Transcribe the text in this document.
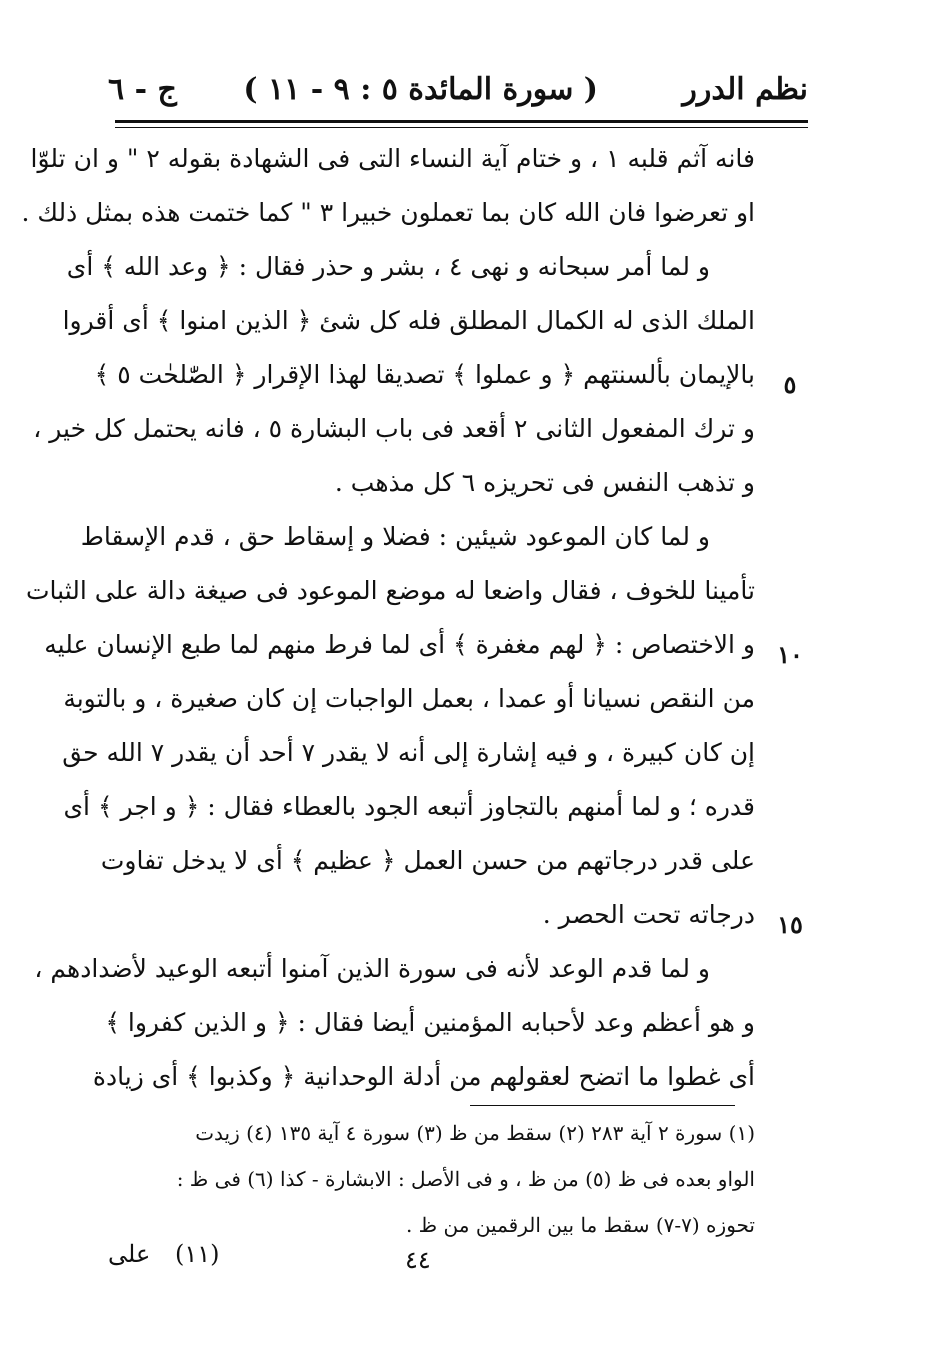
نظم الدرر
( سورة المائدة ٥ : ٩ - ١١ )
ج - ٦
فانه آثم قلبه ١ ، و ختام آية النساء التى فى الشهادة بقوله ٢ " و ان تلوّا
او تعرضوا فان الله كان بما تعملون خبيرا ٣ " كما ختمت هذه بمثل ذلك .
و لما أمر سبحانه و نهى ٤ ، بشر و حذر فقال : ﴿ وعد الله ﴾ أى
الملك الذى له الكمال المطلق فله كل شئ ﴿ الذين امنوا ﴾ أى أقروا
بالإيمان بألسنتهم ﴿ و عملوا ﴾ تصديقا لهذا الإقرار ﴿ الصّٰلحٰت ٥ ﴾
و ترك المفعول الثانى ٢ أقعد فى باب البشارة ٥ ، فانه يحتمل كل خير ،
و تذهب النفس فى تحريزه ٦ كل مذهب .
و لما كان الموعود شيئين : فضلا و إسقاط حق ، قدم الإسقاط
تأمينا للخوف ، فقال واضعا له موضع الموعود فى صيغة دالة على الثبات
و الاختصاص : ﴿ لهم مغفرة ﴾ أى لما فرط منهم لما طبع الإنسان عليه
من النقص نسيانا أو عمدا ، بعمل الواجبات إن كان صغيرة ، و بالتوبة
إن كان كبيرة ، و فيه إشارة إلى أنه لا يقدر ٧ أحد أن يقدر ٧ الله حق
قدره ؛ و لما أمنهم بالتجاوز أتبعه الجود بالعطاء فقال : ﴿ و اجر ﴾ أى
على قدر درجاتهم من حسن العمل ﴿ عظيم ﴾ أى لا يدخل تفاوت
درجاته تحت الحصر .
و لما قدم الوعد لأنه فى سورة الذين آمنوا أتبعه الوعيد لأضدادهم ،
و هو أعظم وعد لأحبابه المؤمنين أيضا فقال : ﴿ و الذين كفروا ﴾
أى غطوا ما اتضح لعقولهم من أدلة الوحدانية ﴿ وكذبوا ﴾ أى زيادة
٥
١٠
١٥
(١) سورة ٢ آية ٢٨٣ (٢) سقط من ظ (٣) سورة ٤ آية ١٣٥ (٤) زيدت
الواو بعده فى ظ (٥) من ظ ، و فى الأصل : الابشارة - كذا (٦) فى ظ :
تحوزه (٧-٧) سقط ما بين الرقمين من ظ .
٤٤
(١١)
على
